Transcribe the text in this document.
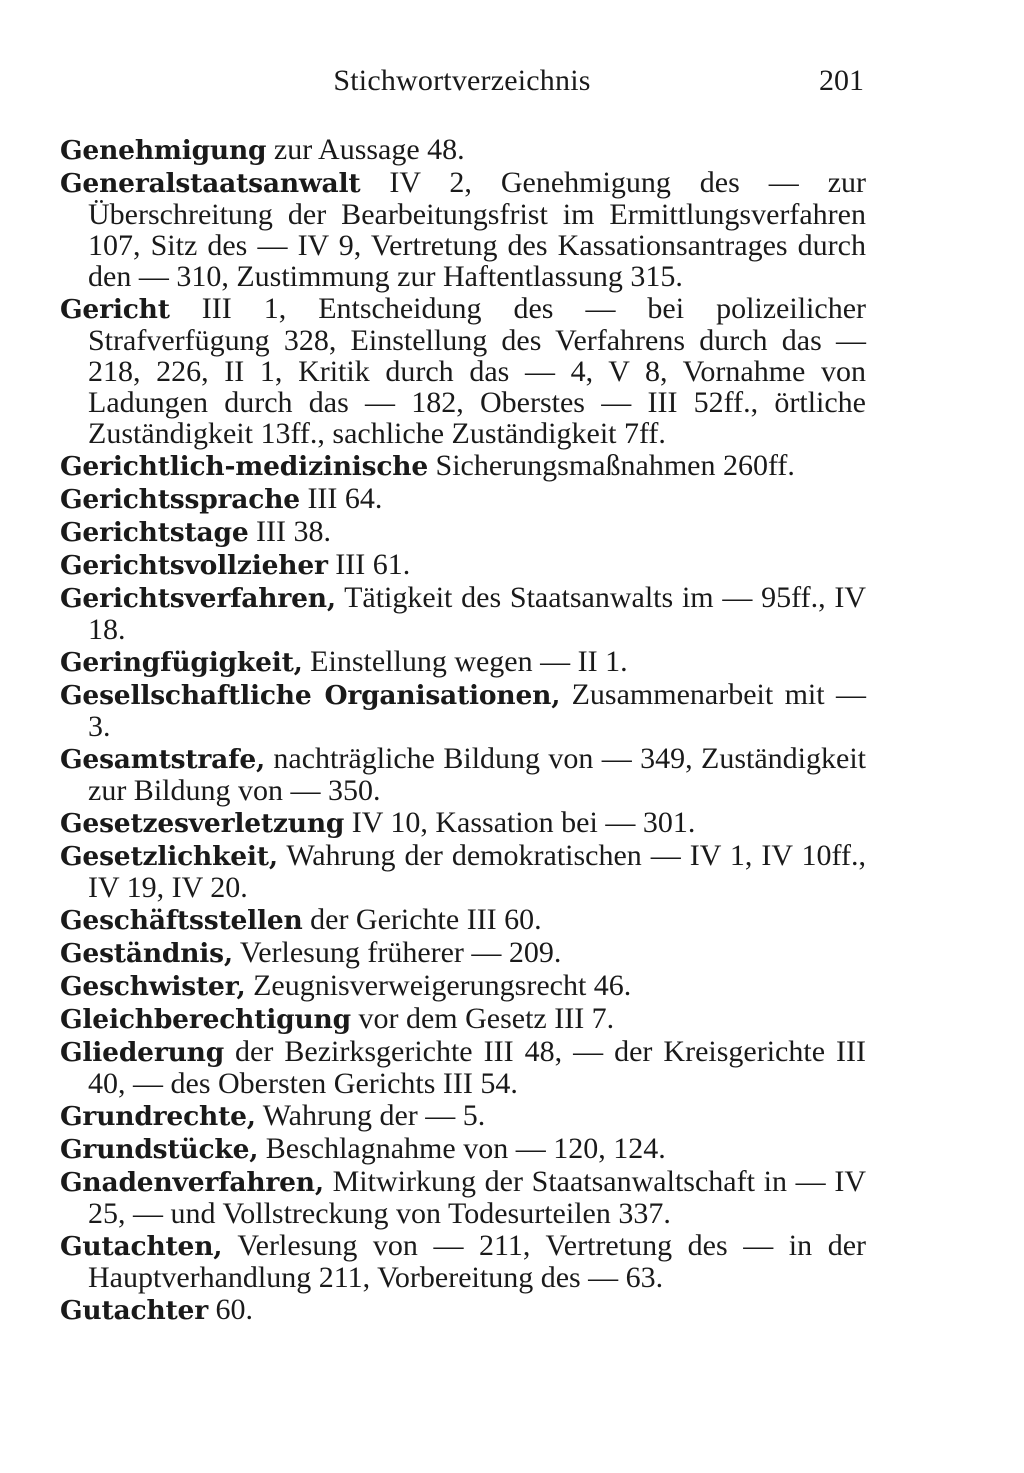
Stichwortverzeichnis	201

Genehmigung zur Aussage 48.

Generalstaatsanwalt IV 2, Genehmigung des — zur Überschreitung der Bearbeitungsfrist im Ermittlungsverfahren 107, Sitz des — IV 9, Vertretung des Kassationsantrages durch den — 310, Zustimmung zur Haftentlassung 315.

Gericht III 1, Entscheidung des — bei polizeilicher Strafverfügung 328, Einstellung des Verfahrens durch das — 218, 226, II 1, Kritik durch das — 4, V 8, Vornahme von Ladungen durch das — 182, Oberstes — III 52ff., örtliche Zuständigkeit 13ff., sachliche Zuständigkeit 7ff.

Gerichtlich-medizinische Sicherungsmaßnahmen 260ff.

Gerichtssprache III 64.

Gerichtstage III 38.

Gerichtsvollzieher III 61.

Gerichtsverfahren, Tätigkeit des Staatsanwalts im — 95ff., IV 18.

Geringfügigkeit, Einstellung wegen — II 1.

Gesellschaftliche Organisationen, Zusammenarbeit mit — 3.

Gesamtstrafe, nachträgliche Bildung von — 349, Zuständigkeit zur Bildung von — 350.

Gesetzesverletzung IV 10, Kassation bei — 301.

Gesetzlichkeit, Wahrung der demokratischen — IV 1, IV 10ff., IV 19, IV 20.

Geschäftsstellen der Gerichte III 60.

Geständnis, Verlesung früherer — 209.

Geschwister, Zeugnisverweigerungsrecht 46.

Gleichberechtigung vor dem Gesetz III 7.

Gliederung der Bezirksgerichte III 48, — der Kreisgerichte III 40, — des Obersten Gerichts III 54.

Grundrechte, Wahrung der — 5.

Grundstücke, Beschlagnahme von — 120, 124.

Gnadenverfahren, Mitwirkung der Staatsanwaltschaft in — IV 25, — und Vollstreckung von Todesurteilen 337.

Gutachten, Verlesung von — 211, Vertretung des — in der Hauptverhandlung 211, Vorbereitung des — 63.

Gutachter 60.
